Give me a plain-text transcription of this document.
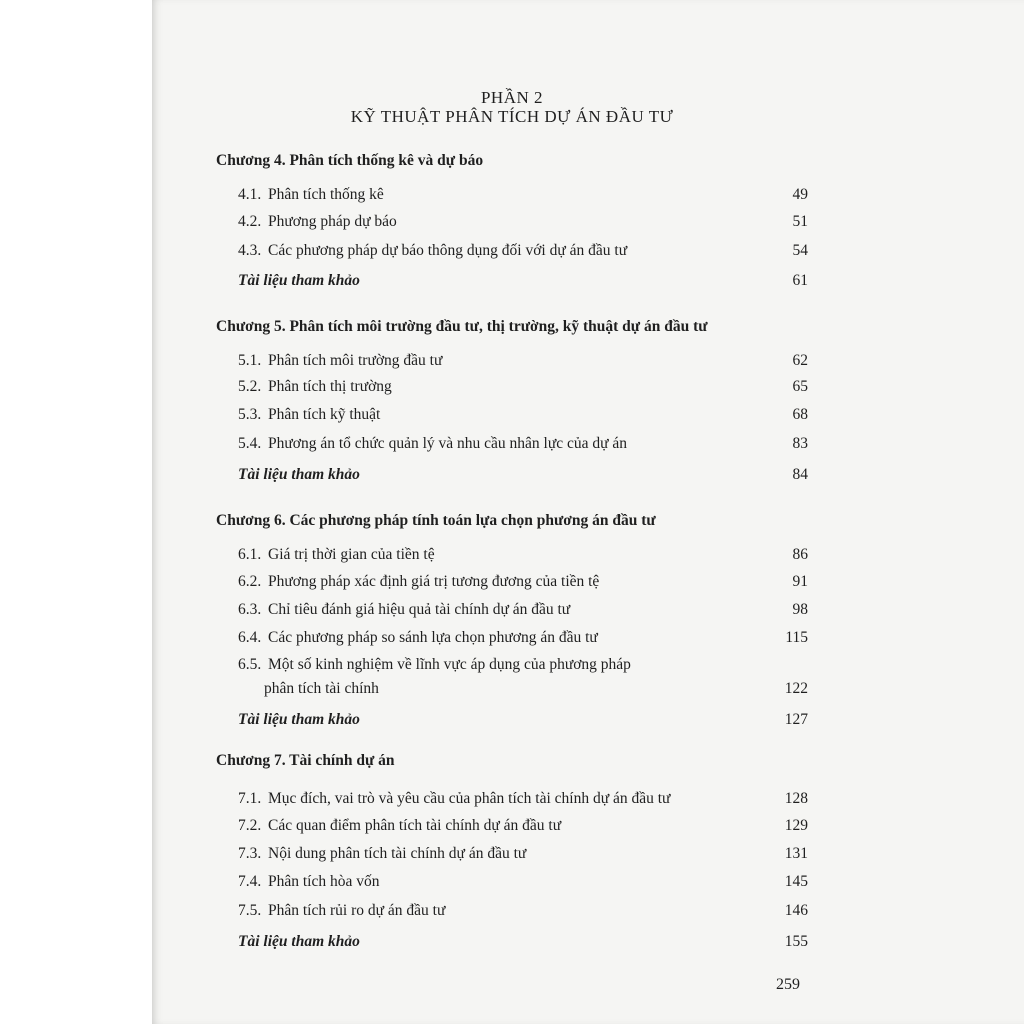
PHẦN 2
KỸ THUẬT PHÂN TÍCH DỰ ÁN ĐẦU TƯ
Chương 4. Phân tích thống kê và dự báo
4.1. Phân tích thống kê	49
4.2. Phương pháp dự báo	51
4.3. Các phương pháp dự báo thông dụng đối với dự án đầu tư	54
Tài liệu tham khảo	61
Chương 5. Phân tích môi trường đầu tư, thị trường, kỹ thuật dự án đầu tư
5.1. Phân tích môi trường đầu tư	62
5.2. Phân tích thị trường	65
5.3. Phân tích kỹ thuật	68
5.4. Phương án tổ chức quản lý và nhu cầu nhân lực của dự án	83
Tài liệu tham khảo	84
Chương 6. Các phương pháp tính toán lựa chọn phương án đầu tư
6.1. Giá trị thời gian của tiền tệ	86
6.2. Phương pháp xác định giá trị tương đương của tiền tệ	91
6.3. Chỉ tiêu đánh giá hiệu quả tài chính dự án đầu tư	98
6.4. Các phương pháp so sánh lựa chọn phương án đầu tư	115
6.5. Một số kinh nghiệm về lĩnh vực áp dụng của phương pháp
phân tích tài chính	122
Tài liệu tham khảo	127
Chương 7. Tài chính dự án
7.1. Mục đích, vai trò và yêu cầu của phân tích tài chính dự án đầu tư	128
7.2. Các quan điểm phân tích tài chính dự án đầu tư	129
7.3. Nội dung phân tích tài chính dự án đầu tư	131
7.4. Phân tích hòa vốn	145
7.5. Phân tích rủi ro dự án đầu tư	146
Tài liệu tham khảo	155
259
